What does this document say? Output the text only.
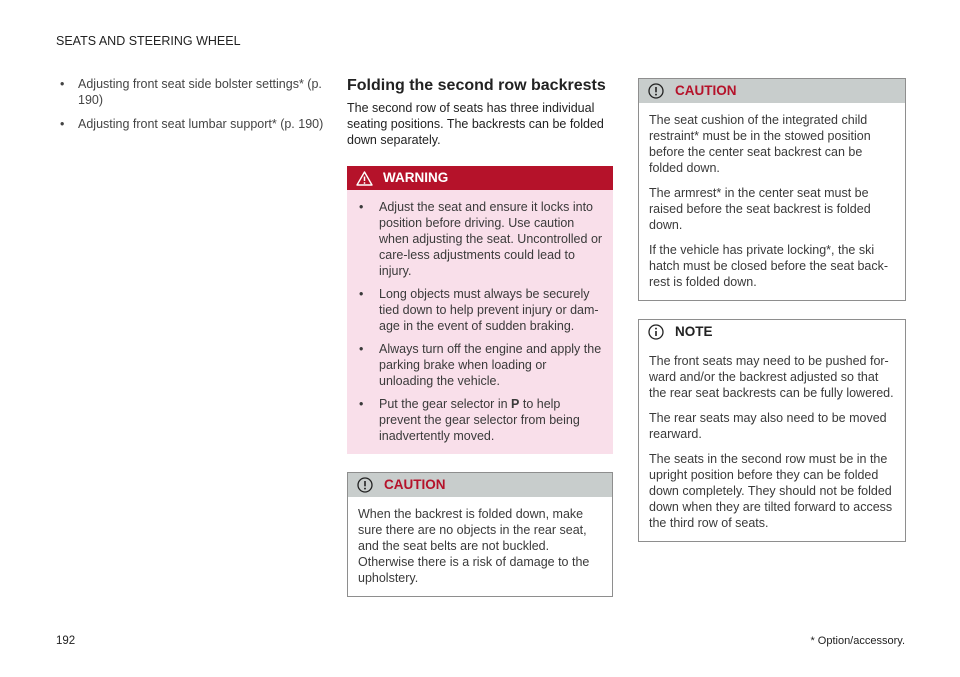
SEATS AND STEERING WHEEL
• Adjusting front seat side bolster settings* (p. 190)
• Adjusting front seat lumbar support* (p. 190)
Folding the second row backrests

The second row of seats has three individual seating positions. The backrests can be folded down separately.

WARNING
• Adjust the seat and ensure it locks into position before driving. Use caution when adjusting the seat. Uncontrolled or care-less adjustments could lead to injury.
• Long objects must always be securely tied down to help prevent injury or dam-age in the event of sudden braking.
• Always turn off the engine and apply the parking brake when loading or unloading the vehicle.
• Put the gear selector in P to help prevent the gear selector from being inadvertently moved.
CAUTION

When the backrest is folded down, make sure there are no objects in the rear seat, and the seat belts are not buckled. Otherwise there is a risk of damage to the upholstery.

CAUTION

The seat cushion of the integrated child restraint* must be in the stowed position before the center seat backrest can be folded down.

The armrest* in the center seat must be raised before the seat backrest is folded down.

If the vehicle has private locking*, the ski hatch must be closed before the seat back-rest is folded down.

NOTE

The front seats may need to be pushed for-ward and/or the backrest adjusted so that the rear seat backrests can be fully lowered.

The rear seats may also need to be moved rearward.

The seats in the second row must be in the upright position before they can be folded down completely. They should not be folded down when they are tilted forward to access the third row of seats.

192	* Option/accessory.
